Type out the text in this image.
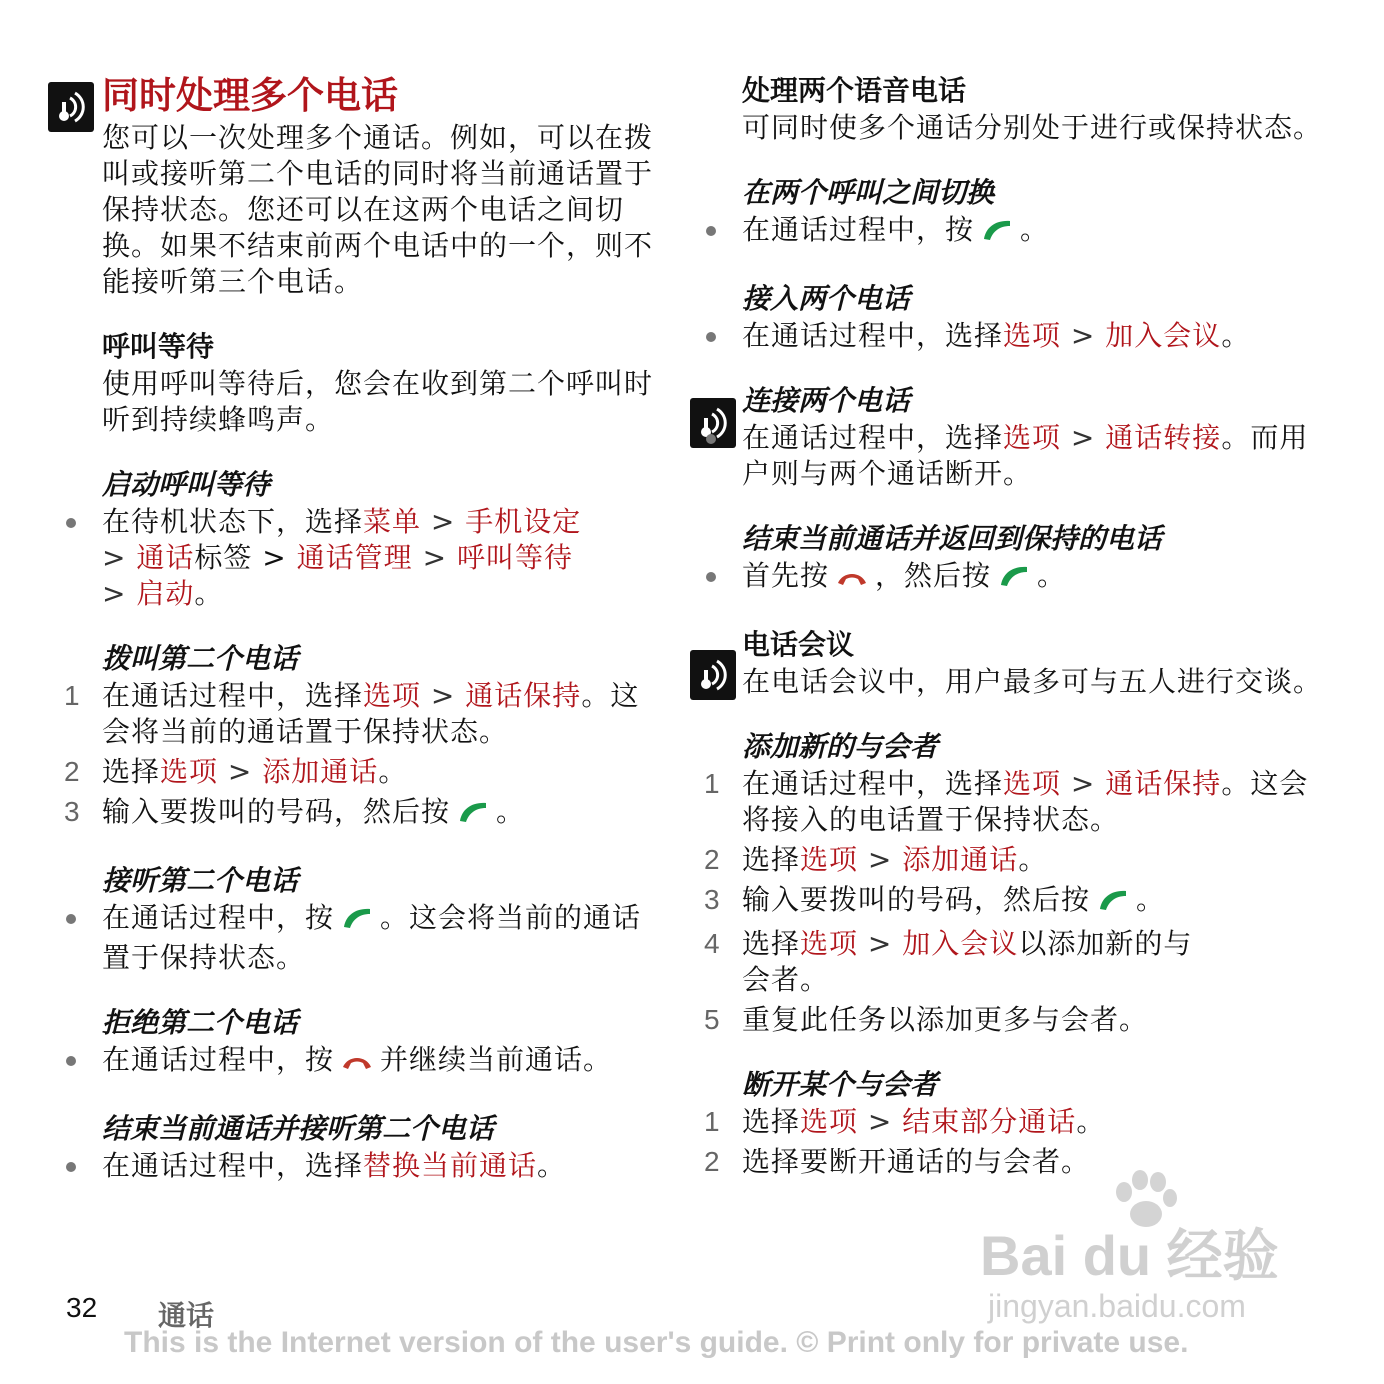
同时处理多个电话
您可以一次处理多个通话。例如，可以在拨叫或接听第二个电话的同时将当前通话置于保持状态。您还可以在这两个电话之间切换。如果不结束前两个电话中的一个，则不能接听第三个电话。
呼叫等待
使用呼叫等待后，您会在收到第二个呼叫时听到持续蜂鸣声。
启动呼叫等待
在待机状态下，选择菜单 > 手机设定
> 通话标签 > 通话管理 > 呼叫等待
> 启动。
拨叫第二个电话
1 在通话过程中，选择选项 > 通话保持。这会将当前的通话置于保持状态。
2 选择选项 > 添加通话。
3 输入要拨叫的号码，然后按 。
接听第二个电话
在通话过程中，按 。这会将当前的通话置于保持状态。
拒绝第二个电话
在通话过程中，按 并继续当前通话。
结束当前通话并接听第二个电话
在通话过程中，选择替换当前通话。
处理两个语音电话
可同时使多个通话分别处于进行或保持状态。
在两个呼叫之间切换
在通话过程中，按 。
接入两个电话
在通话过程中，选择选项 > 加入会议。
连接两个电话
在通话过程中，选择选项 > 通话转接。而用户则与两个通话断开。
结束当前通话并返回到保持的电话
首先按 ，然后按 。
电话会议
在电话会议中，用户最多可与五人进行交谈。
添加新的与会者
1 在通话过程中，选择选项 > 通话保持。这会将接入的电话置于保持状态。
2 选择选项 > 添加通话。
3 输入要拨叫的号码，然后按 。
4 选择选项 > 加入会议以添加新的与会者。
5 重复此任务以添加更多与会者。
断开某个与会者
1 选择选项 > 结束部分通话。
2 选择要断开通话的与会者。
Bai du 经验
jingyan.baidu.com
32 通话
This is the Internet version of the user's guide. © Print only for private use.
